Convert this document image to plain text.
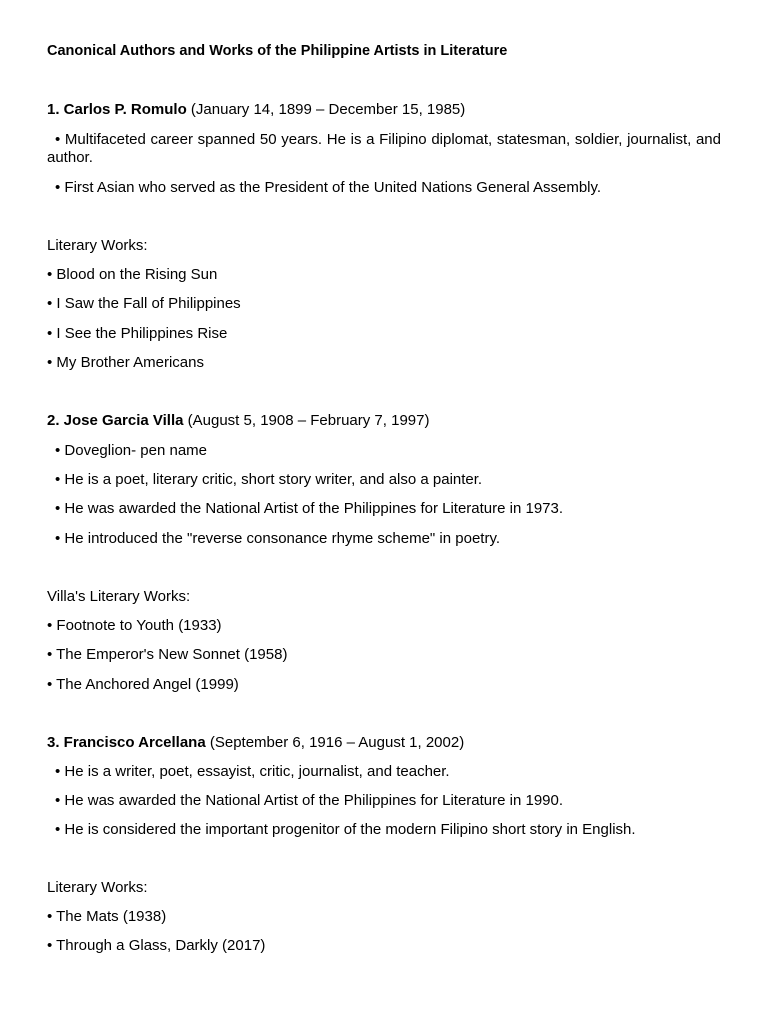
Canonical Authors and Works of the Philippine Artists in Literature
1. Carlos P. Romulo (January 14, 1899 – December 15, 1985)
• Multifaceted career spanned 50 years. He is a Filipino diplomat, statesman, soldier, journalist, and author.
• First Asian who served as the President of the United Nations General Assembly.
Literary Works:
• Blood on the Rising Sun
• I Saw the Fall of Philippines
• I See the Philippines Rise
• My Brother Americans
2. Jose Garcia Villa (August 5, 1908 – February 7, 1997)
• Doveglion- pen name
• He is a poet, literary critic, short story writer, and also a painter.
• He was awarded the National Artist of the Philippines for Literature in 1973.
• He introduced the "reverse consonance rhyme scheme" in poetry.
Villa's Literary Works:
• Footnote to Youth (1933)
• The Emperor's New Sonnet (1958)
• The Anchored Angel (1999)
3. Francisco Arcellana (September 6, 1916 – August 1, 2002)
• He is a writer, poet, essayist, critic, journalist, and teacher.
• He was awarded the National Artist of the Philippines for Literature in 1990.
• He is considered the important progenitor of the modern Filipino short story in English.
Literary Works:
• The Mats (1938)
• Through a Glass, Darkly (2017)
